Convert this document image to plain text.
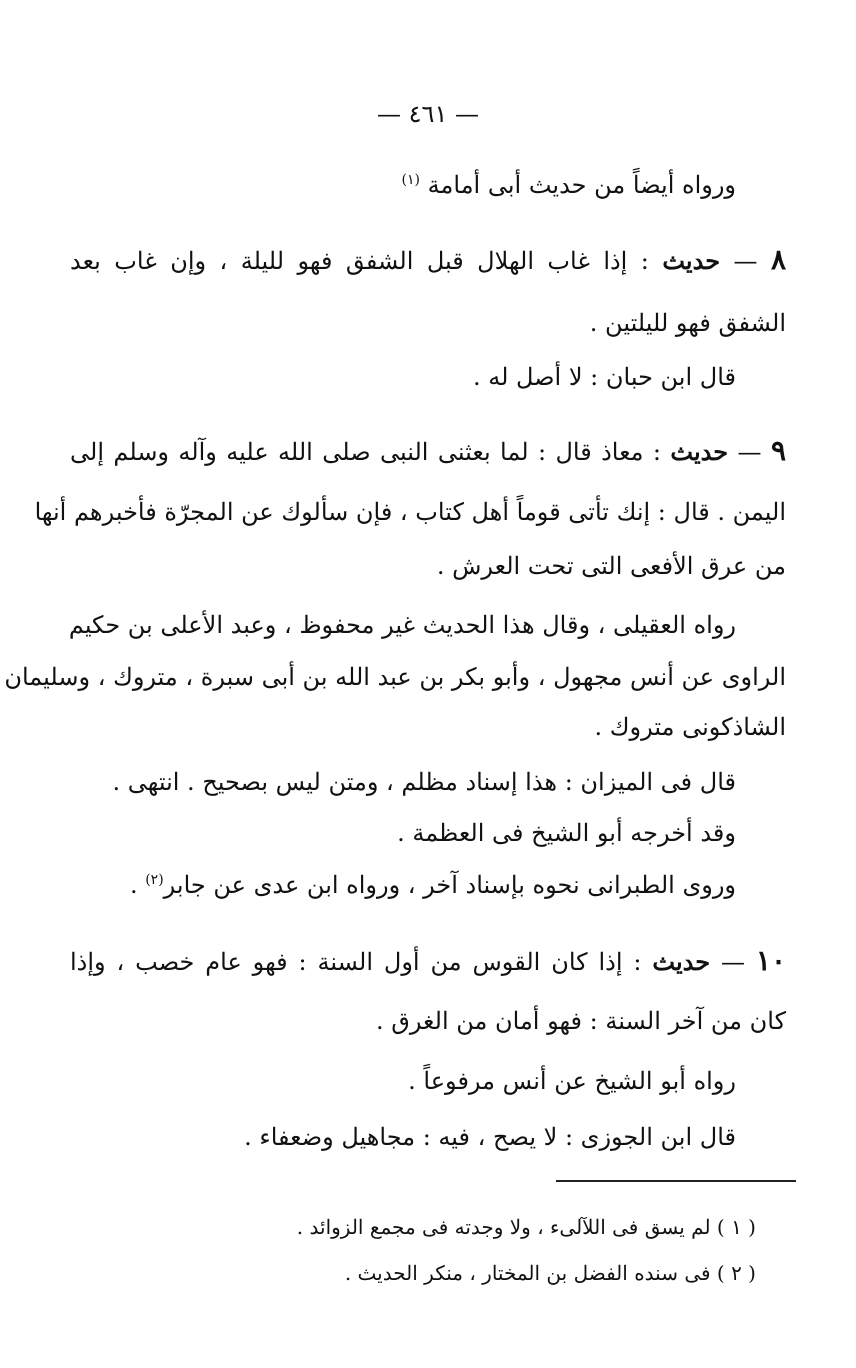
— ٤٦١ —
ورواه أيضاً من حديث أبى أمامة $^{(١)}$
٨ — حديث : إذا غاب الهلال قبل الشفق فهو لليلة ، وإن غاب بعد
الشفق فهو لليلتين .
قال ابن حبان : لا أصل له .
٩ — حديث : معاذ قال : لما بعثنى النبى صلى الله عليه وآله وسلم إلى
اليمن . قال : إنك تأتى قوماً أهل كتاب ، فإن سألوك عن المجرّة فأخبرهم أنها
من عرق الأفعى التى تحت العرش .
رواه العقيلى ، وقال هذا الحديث غير محفوظ ، وعبد الأعلى بن حكيم
الراوى عن أنس مجهول ، وأبو بكر بن عبد الله بن أبى سبرة ، متروك ، وسليمان
الشاذكونى متروك .
قال فى الميزان : هذا إسناد مظلم ، ومتن ليس بصحيح . انتهى .
وقد أخرجه أبو الشيخ فى العظمة .
وروى الطبرانى نحوه بإسناد آخر ، ورواه ابن عدى عن جابر$^{(٢)}$ .
١٠ — حديث : إذا كان القوس من أول السنة : فهو عام خصب ، وإذا
كان من آخر السنة : فهو أمان من الغرق .
رواه أبو الشيخ عن أنس مرفوعاً .
قال ابن الجوزى : لا يصح ، فيه : مجاهيل وضعفاء .
( ١ ) لم يسق فى اللآلىء ، ولا وجدته فى مجمع الزوائد .
( ٢ ) فى سنده الفضل بن المختار ، منكر الحديث .
